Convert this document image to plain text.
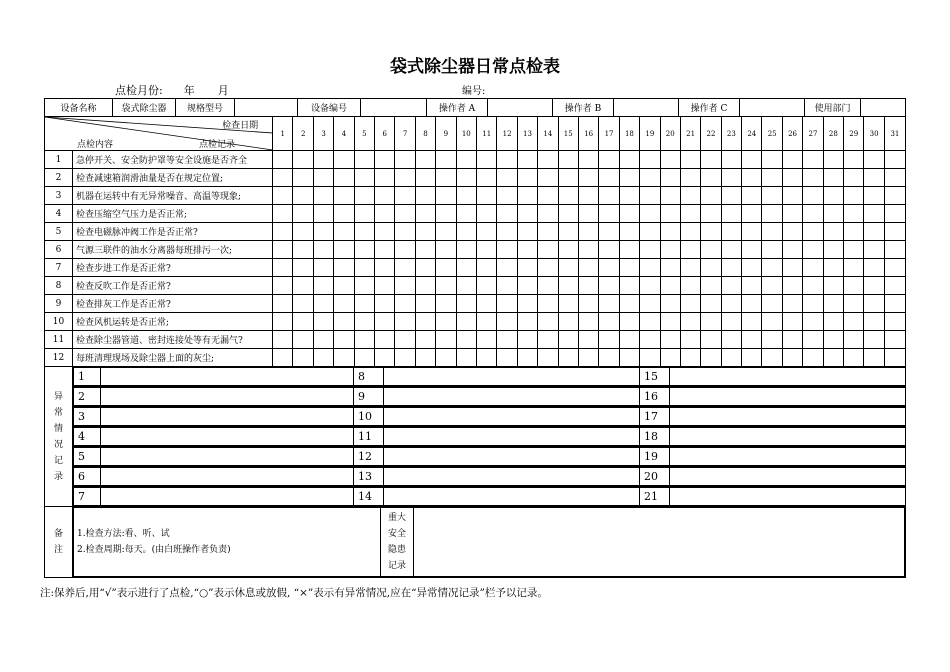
袋式除尘器日常点检表
点检月份: 年 月	编号:
设备名称	袋式除尘器	规格型号		设备编号		操作者 A		操作者 B		操作者 C		使用部门	

检查日期
点检内容	点检记录
	1	2	3	4	5	6	7	8	9	10	11	12	13	14	15	16	17	18	19	20	21	22	23	24	25	26	27	28	29	30	31
1	急停开关、安全防护罩等安全设施是否齐全																															
2	检查减速箱润滑油量是否在规定位置;																															
3	机器在运转中有无异常噪音、高温等现象;																															
4	检查压缩空气压力是否正常;																															
5	检查电磁脉冲阀工作是否正常?																															
6	气源三联件的油水分离器每班排污一次;																															
7	检查步进工作是否正常?																															
8	检查反吹工作是否正常?																															
9	检查排灰工作是否正常?																															
10	检查风机运转是否正常;																															
11	检查除尘器管道、密封连接处等有无漏气?																															
12	每班清理现场及除尘器上面的灰尘;																															

异
常
情
况
记
录

1		8		15	

2		9		16	

3		10		17	

4		11		18	

5		12		19	

6		13		20	

7		14		21	

备
注

1.检查方法:看、听、试
2.检查周期:每天。(由白班操作者负责)

重大
安全
隐患
记录

注:保养后,用“√”表示进行了点检,“○”表示休息或放假, “×”表示有异常情况,应在“异常情况记录”栏予以记录。
